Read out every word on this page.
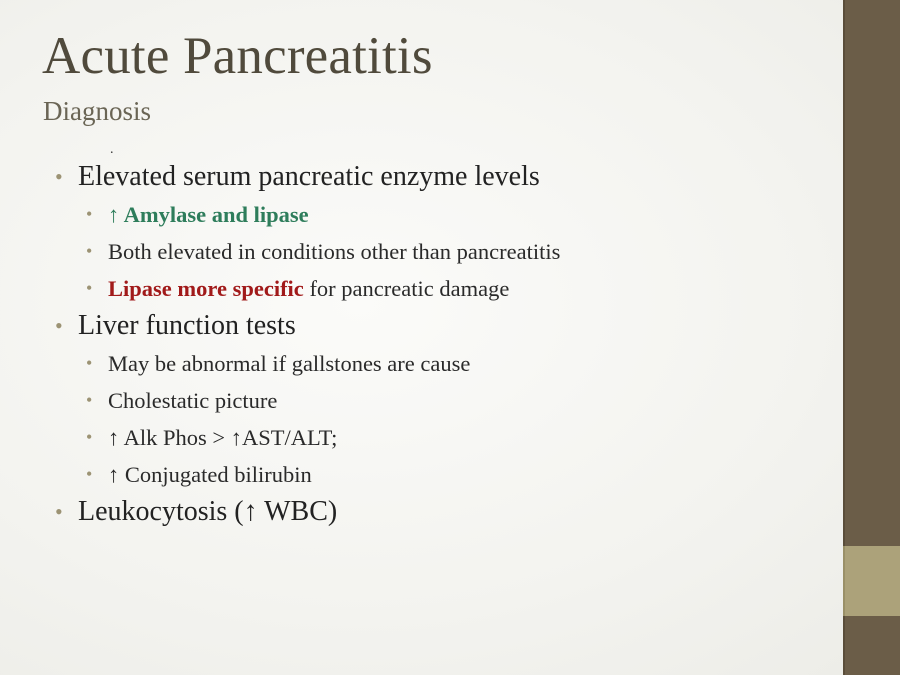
Acute Pancreatitis
Diagnosis
.
• Elevated serum pancreatic enzyme levels
• ↑ Amylase and lipase
• Both elevated in conditions other than pancreatitis
• Lipase more specific for pancreatic damage
• Liver function tests
• May be abnormal if gallstones are cause
• Cholestatic picture
• ↑ Alk Phos > ↑AST/ALT;
• ↑ Conjugated bilirubin
• Leukocytosis (↑ WBC)
